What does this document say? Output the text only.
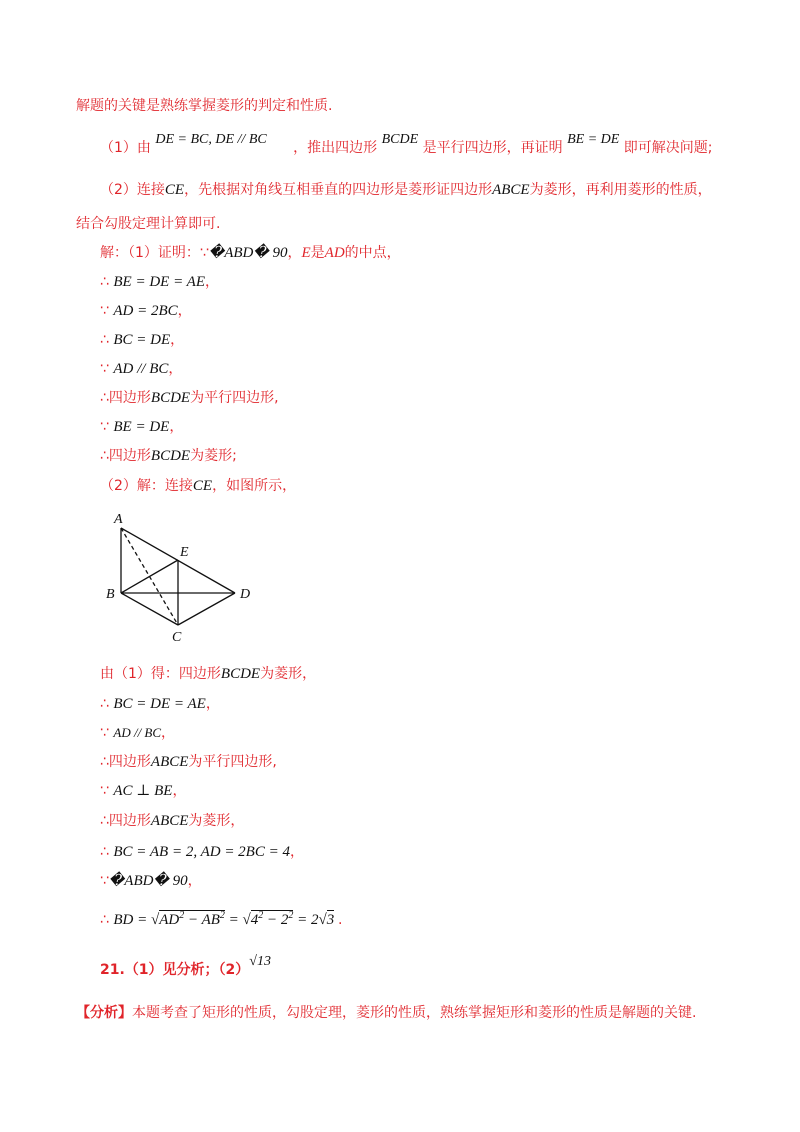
解题的关键是熟练掌握菱形的判定和性质.
（1）由 DE = BC, DE // BC ，推出四边形 BCDE 是平行四边形，再证明 BE = DE 即可解决问题;
（2）连接CE，先根据对角线互相垂直的四边形是菱形证四边形ABCE为菱形，再利用菱形的性质，
结合勾股定理计算即可.
解：（1）证明：∵�ABD� 90，E是AD的中点，
∴ BE = DE = AE，
∵ AD = 2BC，
∴ BC = DE，
∵ AD // BC，
∴四边形BCDE为平行四边形,
∵ BE = DE，
∴四边形BCDE为菱形;
（2）解：连接CE，如图所示，
A
E
B	D
C
由（1）得：四边形BCDE为菱形，
∴ BC = DE = AE，
∵ AD // BC，
∴四边形ABCE为平行四边形,
∵ AC ⊥ BE，
∴四边形ABCE为菱形，
∴ BC = AB = 2, AD = 2BC = 4，
∵�ABD� 90，
∴ BD = $√AD^2 - AB^2 = √4^2 - 2^2 = 2√3$ .
21.（1）见分析；（2）√13
【分析】本题考查了矩形的性质，勾股定理，菱形的性质，熟练掌握矩形和菱形的性质是解题的关键.
